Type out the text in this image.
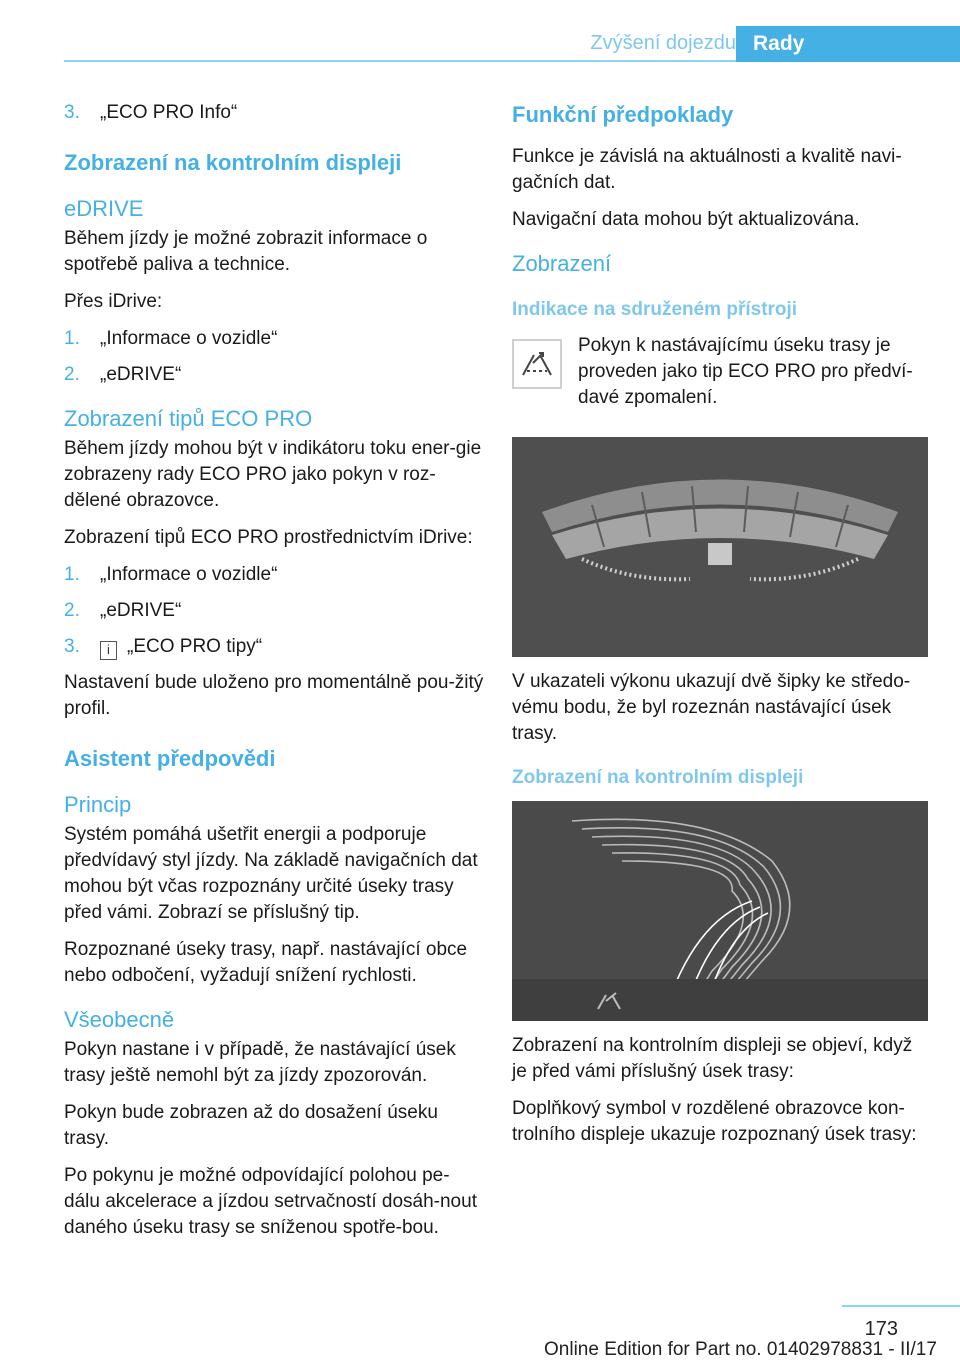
Zvýšení dojezdu Rady
3. „ECO PRO Info“
Zobrazení na kontrolním displeji
eDRIVE

Během jízdy je možné zobrazit informace o spotřebě paliva a technice.

Přes iDrive:

1. „Informace o vozidle“
2. „eDRIVE“
Zobrazení tipů ECO PRO

Během jízdy mohou být v indikátoru toku ener‐gie zobrazeny rady ECO PRO jako pokyn v roz‐dělené obrazovce.

Zobrazení tipů ECO PRO prostřednictvím iDrive:

1. „Informace o vozidle“
2. „eDRIVE“
3. i „ECO PRO tipy“

Nastavení bude uloženo pro momentálně pou‐žitý profil.

Asistent předpovědi
Princip

Systém pomáhá ušetřit energii a podporuje předvídavý styl jízdy. Na základě navigačních dat mohou být včas rozpoznány určité úseky trasy před vámi. Zobrazí se příslušný tip.

Rozpoznané úseky trasy, např. nastávající obce nebo odbočení, vyžadují snížení rychlosti.

Všeobecně

Pokyn nastane i v případě, že nastávající úsek trasy ještě nemohl být za jízdy zpozorován.

Pokyn bude zobrazen až do dosažení úseku trasy.

Po pokynu je možné odpovídající polohou pe‐dálu akcelerace a jízdou setrvačností dosáh‐nout daného úseku trasy se sníženou spotře‐bou.

Funkční předpoklady

Funkce je závislá na aktuálnosti a kvalitě navi‐gačních dat.

Navigační data mohou být aktualizována.

Zobrazení
Indikace na sdruženém přístroji

Pokyn k nastávajícímu úseku trasy je proveden jako tip ECO PRO pro předví‐davé zpomalení.

V ukazateli výkonu ukazují dvě šipky ke středo‐vému bodu, že byl rozeznán nastávající úsek trasy.

Zobrazení na kontrolním displeji

Zobrazení na kontrolním displeji se objeví, když je před vámi příslušný úsek trasy:

Doplňkový symbol v rozdělené obrazovce kon‐trolního displeje ukazuje rozpoznaný úsek trasy:

173
Online Edition for Part no. 01402978831 - II/17
